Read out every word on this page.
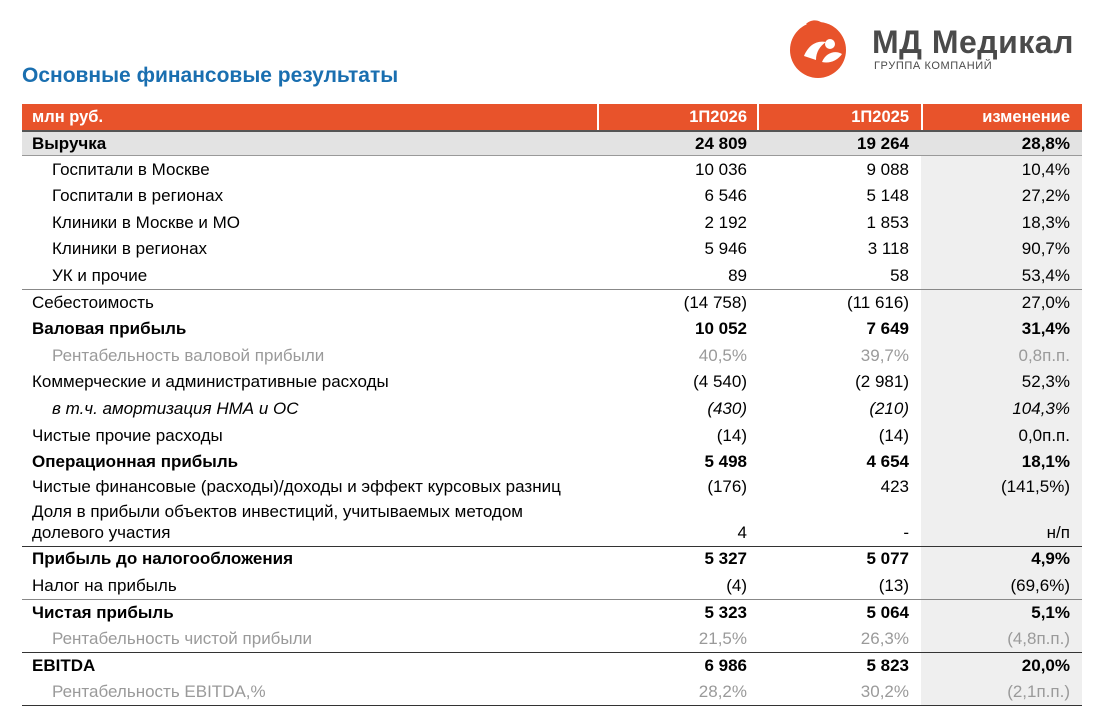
Основные финансовые результаты
МД Медикал
ГРУППА КОМПАНИЙ
млн руб.	1П2026	1П2025	изменение
Выручка	24 809	19 264	28,8%
Госпитали в Москве	10 036	9 088	10,4%
Госпитали в регионах	6 546	5 148	27,2%
Клиники в Москве и МО	2 192	1 853	18,3%
Клиники в регионах	5 946	3 118	90,7%
УК и прочие	89	58	53,4%
Себестоимость	(14 758)	(11 616)	27,0%
Валовая прибыль	10 052	7 649	31,4%
Рентабельность валовой прибыли	40,5%	39,7%	0,8п.п.
Коммерческие и административные расходы	(4 540)	(2 981)	52,3%
в т.ч. амортизация НМА и ОС	(430)	(210)	104,3%
Чистые прочие расходы	(14)	(14)	0,0п.п.
Операционная прибыль	5 498	4 654	18,1%
Чистые финансовые (расходы)/доходы и эффект курсовых разниц	(176)	423	(141,5%)
Доля в прибыли объектов инвестиций, учитываемых методом долевого участия	4	-	н/п
Прибыль до налогообложения	5 327	5 077	4,9%
Налог на прибыль	(4)	(13)	(69,6%)
Чистая прибыль	5 323	5 064	5,1%
Рентабельность чистой прибыли	21,5%	26,3%	(4,8п.п.)
EBITDA	6 986	5 823	20,0%
Рентабельность EBITDA,%	28,2%	30,2%	(2,1п.п.)
